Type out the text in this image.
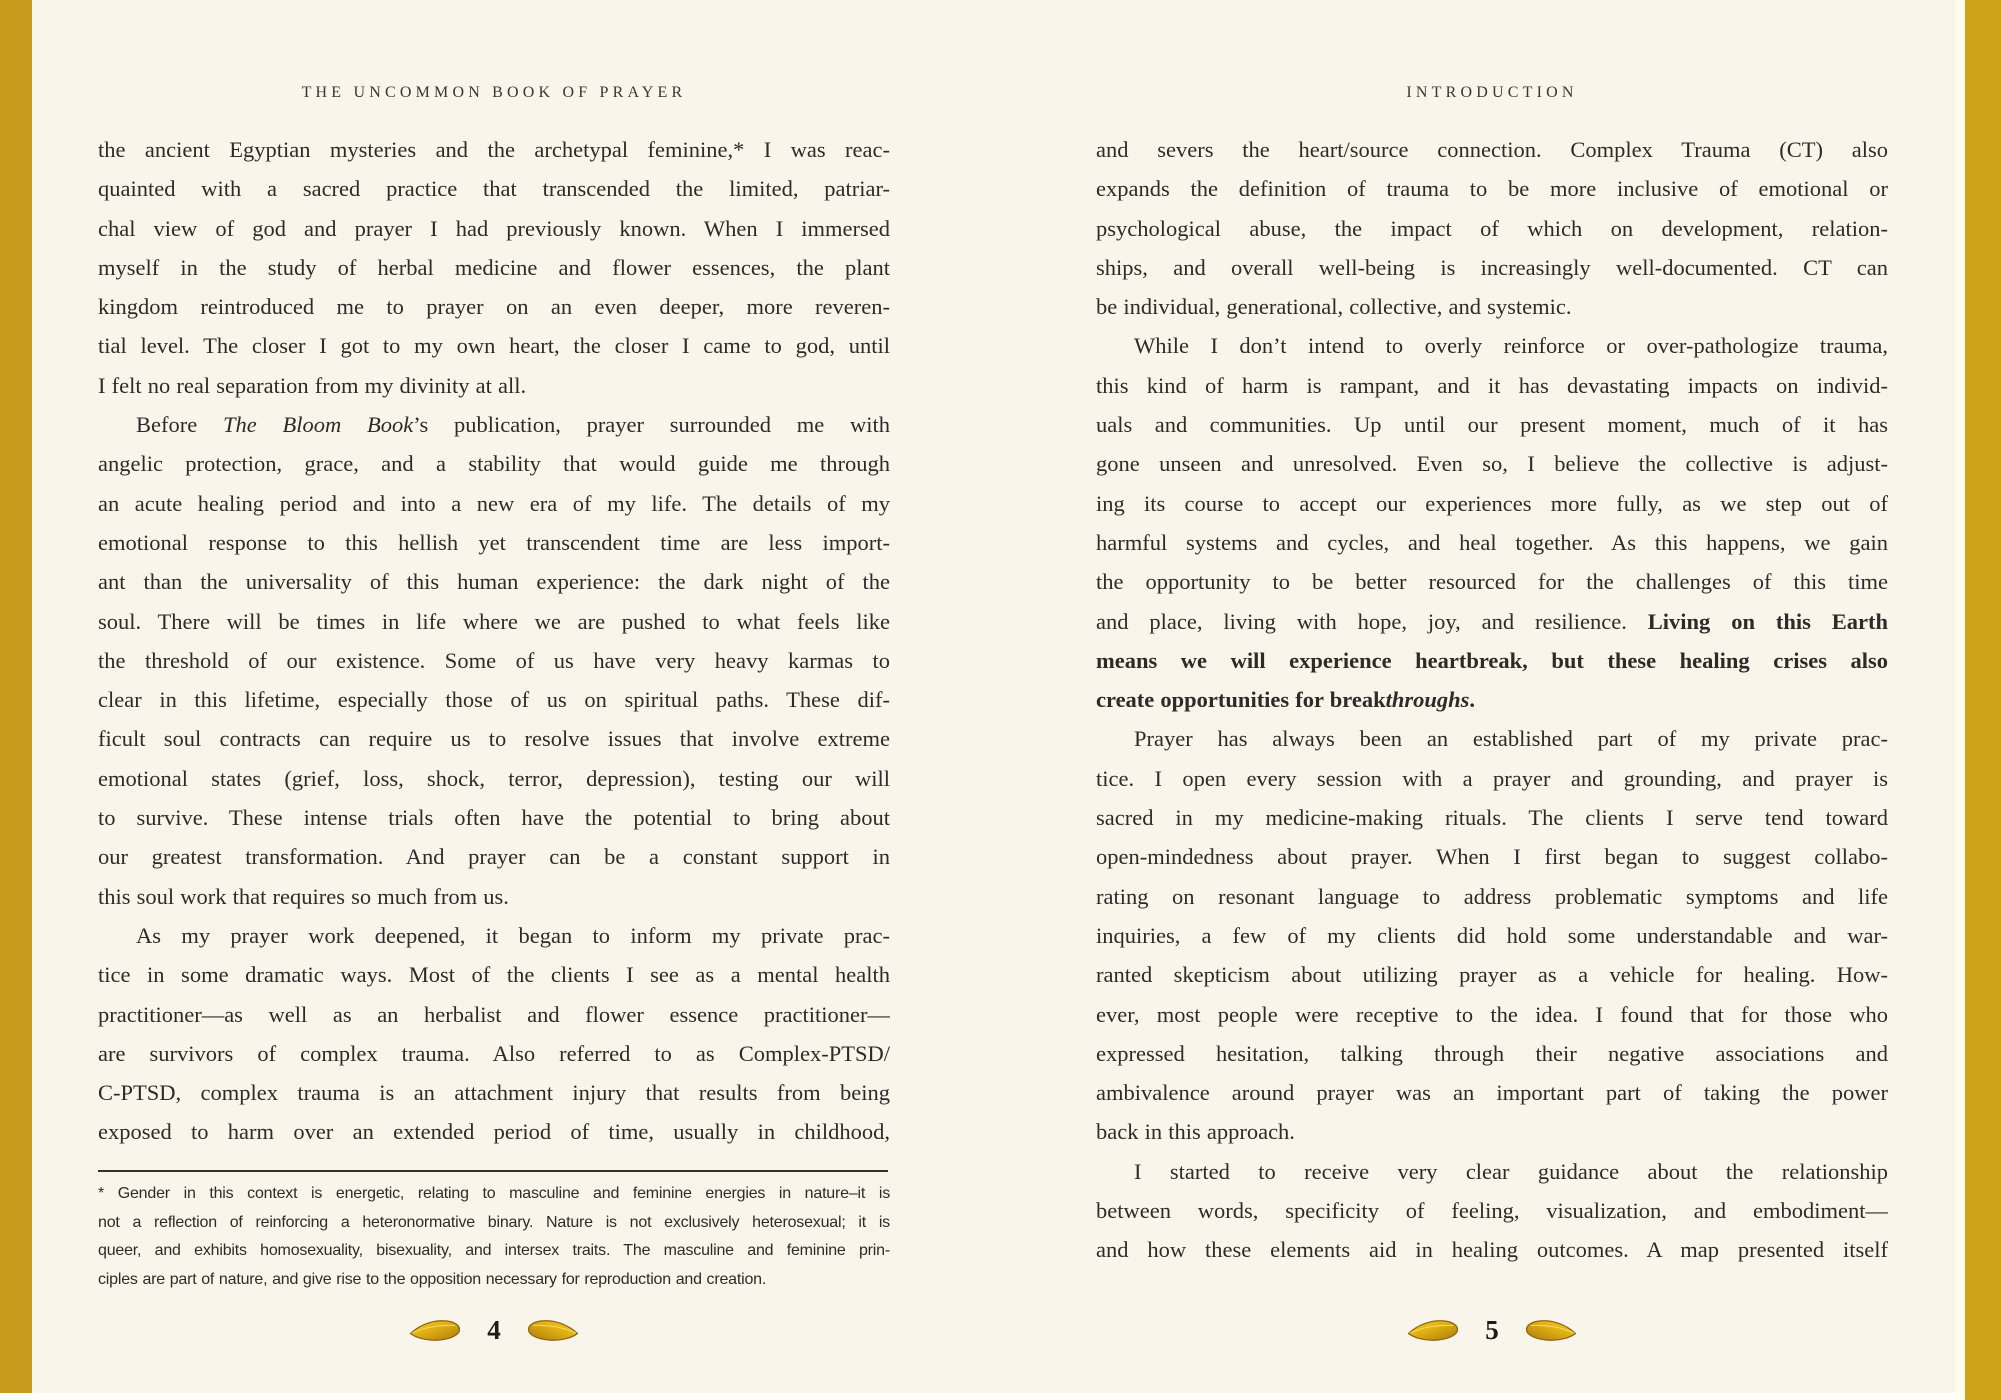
THE UNCOMMON BOOK OF PRAYER
the ancient Egyptian mysteries and the archetypal feminine,* I was reac-
quainted with a sacred practice that transcended the limited, patriar-
chal view of god and prayer I had previously known. When I immersed
myself in the study of herbal medicine and flower essences, the plant
kingdom reintroduced me to prayer on an even deeper, more reveren-
tial level. The closer I got to my own heart, the closer I came to god, until
I felt no real separation from my divinity at all.
Before The Bloom Book’s publication, prayer surrounded me with
angelic protection, grace, and a stability that would guide me through
an acute healing period and into a new era of my life. The details of my
emotional response to this hellish yet transcendent time are less import-
ant than the universality of this human experience: the dark night of the
soul. There will be times in life where we are pushed to what feels like
the threshold of our existence. Some of us have very heavy karmas to
clear in this lifetime, especially those of us on spiritual paths. These dif-
ficult soul contracts can require us to resolve issues that involve extreme
emotional states (grief, loss, shock, terror, depression), testing our will
to survive. These intense trials often have the potential to bring about
our greatest transformation. And prayer can be a constant support in
this soul work that requires so much from us.
As my prayer work deepened, it began to inform my private prac-
tice in some dramatic ways. Most of the clients I see as a mental health
practitioner—as well as an herbalist and flower essence practitioner—
are survivors of complex trauma. Also referred to as Complex-PTSD/
C-PTSD, complex trauma is an attachment injury that results from being
exposed to harm over an extended period of time, usually in childhood,
* Gender in this context is energetic, relating to masculine and feminine energies in nature–it is
not a reflection of reinforcing a heteronormative binary. Nature is not exclusively heterosexual; it is
queer, and exhibits homosexuality, bisexuality, and intersex traits. The masculine and feminine prin-
ciples are part of nature, and give rise to the opposition necessary for reproduction and creation.
4
INTRODUCTION
and severs the heart/source connection. Complex Trauma (CT) also
expands the definition of trauma to be more inclusive of emotional or
psychological abuse, the impact of which on development, relation-
ships, and overall well-being is increasingly well-documented. CT can
be individual, generational, collective, and systemic.
While I don’t intend to overly reinforce or over-pathologize trauma,
this kind of harm is rampant, and it has devastating impacts on individ-
uals and communities. Up until our present moment, much of it has
gone unseen and unresolved. Even so, I believe the collective is adjust-
ing its course to accept our experiences more fully, as we step out of
harmful systems and cycles, and heal together. As this happens, we gain
the opportunity to be better resourced for the challenges of this time
and place, living with hope, joy, and resilience. Living on this Earth
means we will experience heartbreak, but these healing crises also
create opportunities for breakthroughs.
Prayer has always been an established part of my private prac-
tice. I open every session with a prayer and grounding, and prayer is
sacred in my medicine-making rituals. The clients I serve tend toward
open-mindedness about prayer. When I first began to suggest collabo-
rating on resonant language to address problematic symptoms and life
inquiries, a few of my clients did hold some understandable and war-
ranted skepticism about utilizing prayer as a vehicle for healing. How-
ever, most people were receptive to the idea. I found that for those who
expressed hesitation, talking through their negative associations and
ambivalence around prayer was an important part of taking the power
back in this approach.
I started to receive very clear guidance about the relationship
between words, specificity of feeling, visualization, and embodiment—
and how these elements aid in healing outcomes. A map presented itself
5
